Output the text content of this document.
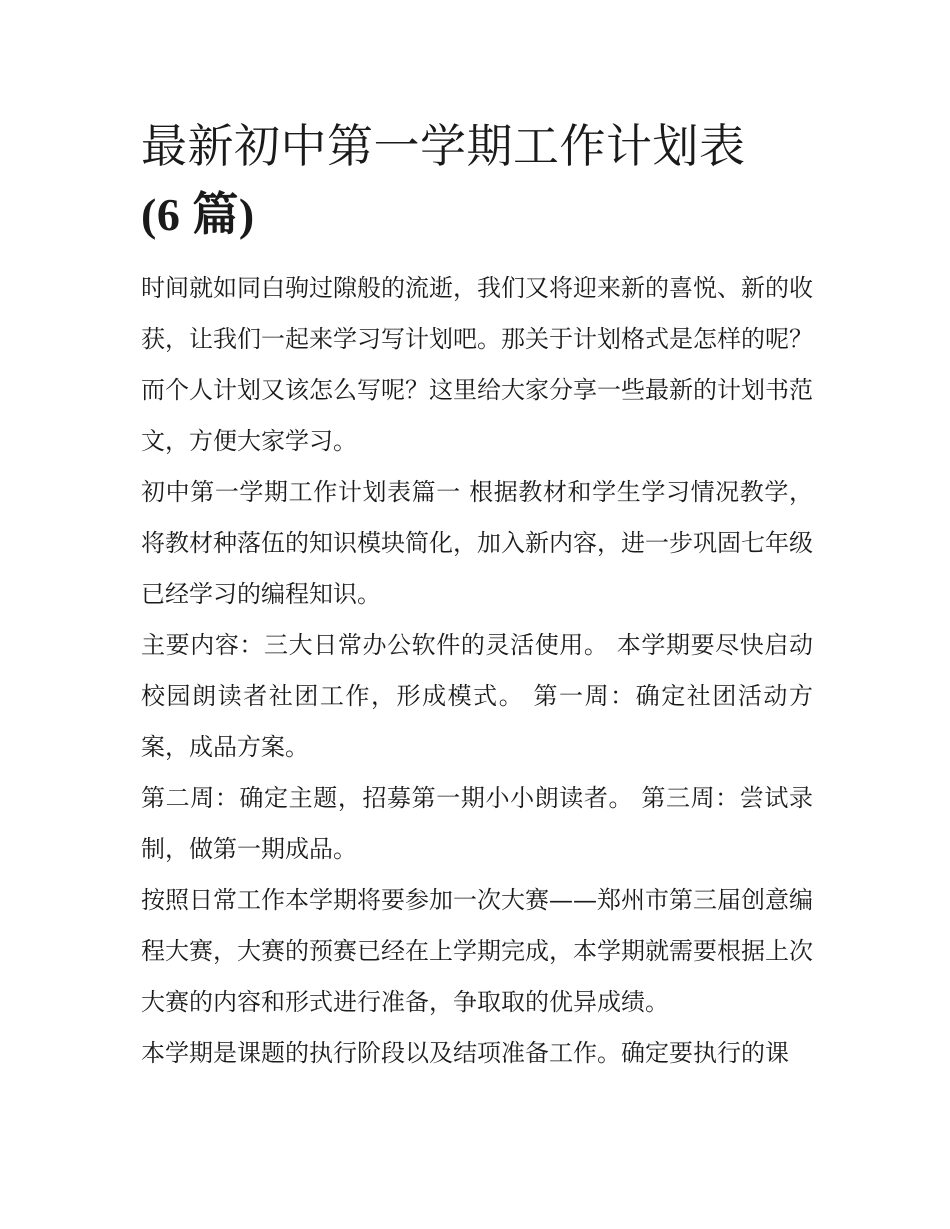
最新初中第一学期工作计划表
(6 篇)

时间就如同白驹过隙般的流逝，我们又将迎来新的喜悦、新的收获，让我们一起来学习写计划吧。那关于计划格式是怎样的呢？而个人计划又该怎么写呢？这里给大家分享一些最新的计划书范文，方便大家学习。

初中第一学期工作计划表篇一 根据教材和学生学习情况教学，将教材种落伍的知识模块简化，加入新内容，进一步巩固七年级已经学习的编程知识。

主要内容：三大日常办公软件的灵活使用。 本学期要尽快启动校园朗读者社团工作，形成模式。 第一周：确定社团活动方案，成品方案。

第二周：确定主题，招募第一期小小朗读者。 第三周：尝试录制，做第一期成品。

按照日常工作本学期将要参加一次大赛——郑州市第三届创意编程大赛，大赛的预赛已经在上学期完成，本学期就需要根据上次大赛的内容和形式进行准备，争取取的优异成绩。

本学期是课题的执行阶段以及结项准备工作。确定要执行的课
